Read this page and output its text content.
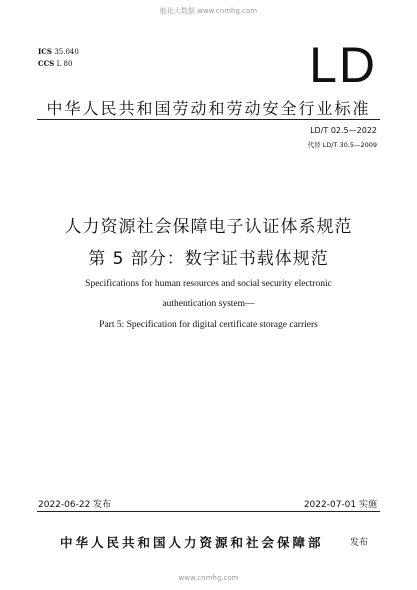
能化大数据 www.cnmhg.com
ICS 35.040
CCS L 80	LD
中华人民共和国劳动和劳动安全行业标准
LD/T 02.5—2022
代替 LD/T 30.5—2009
人力资源社会保障电子认证体系规范
第 5 部分：数字证书载体规范
Specifications for human resources and social security electronic
authentication system—
Part 5: Specification for digital certificate storage carriers
2022-06-22 发布	2022-07-01 实施
中华人民共和国人力资源和社会保障部	发布
www.cnmhg.com
